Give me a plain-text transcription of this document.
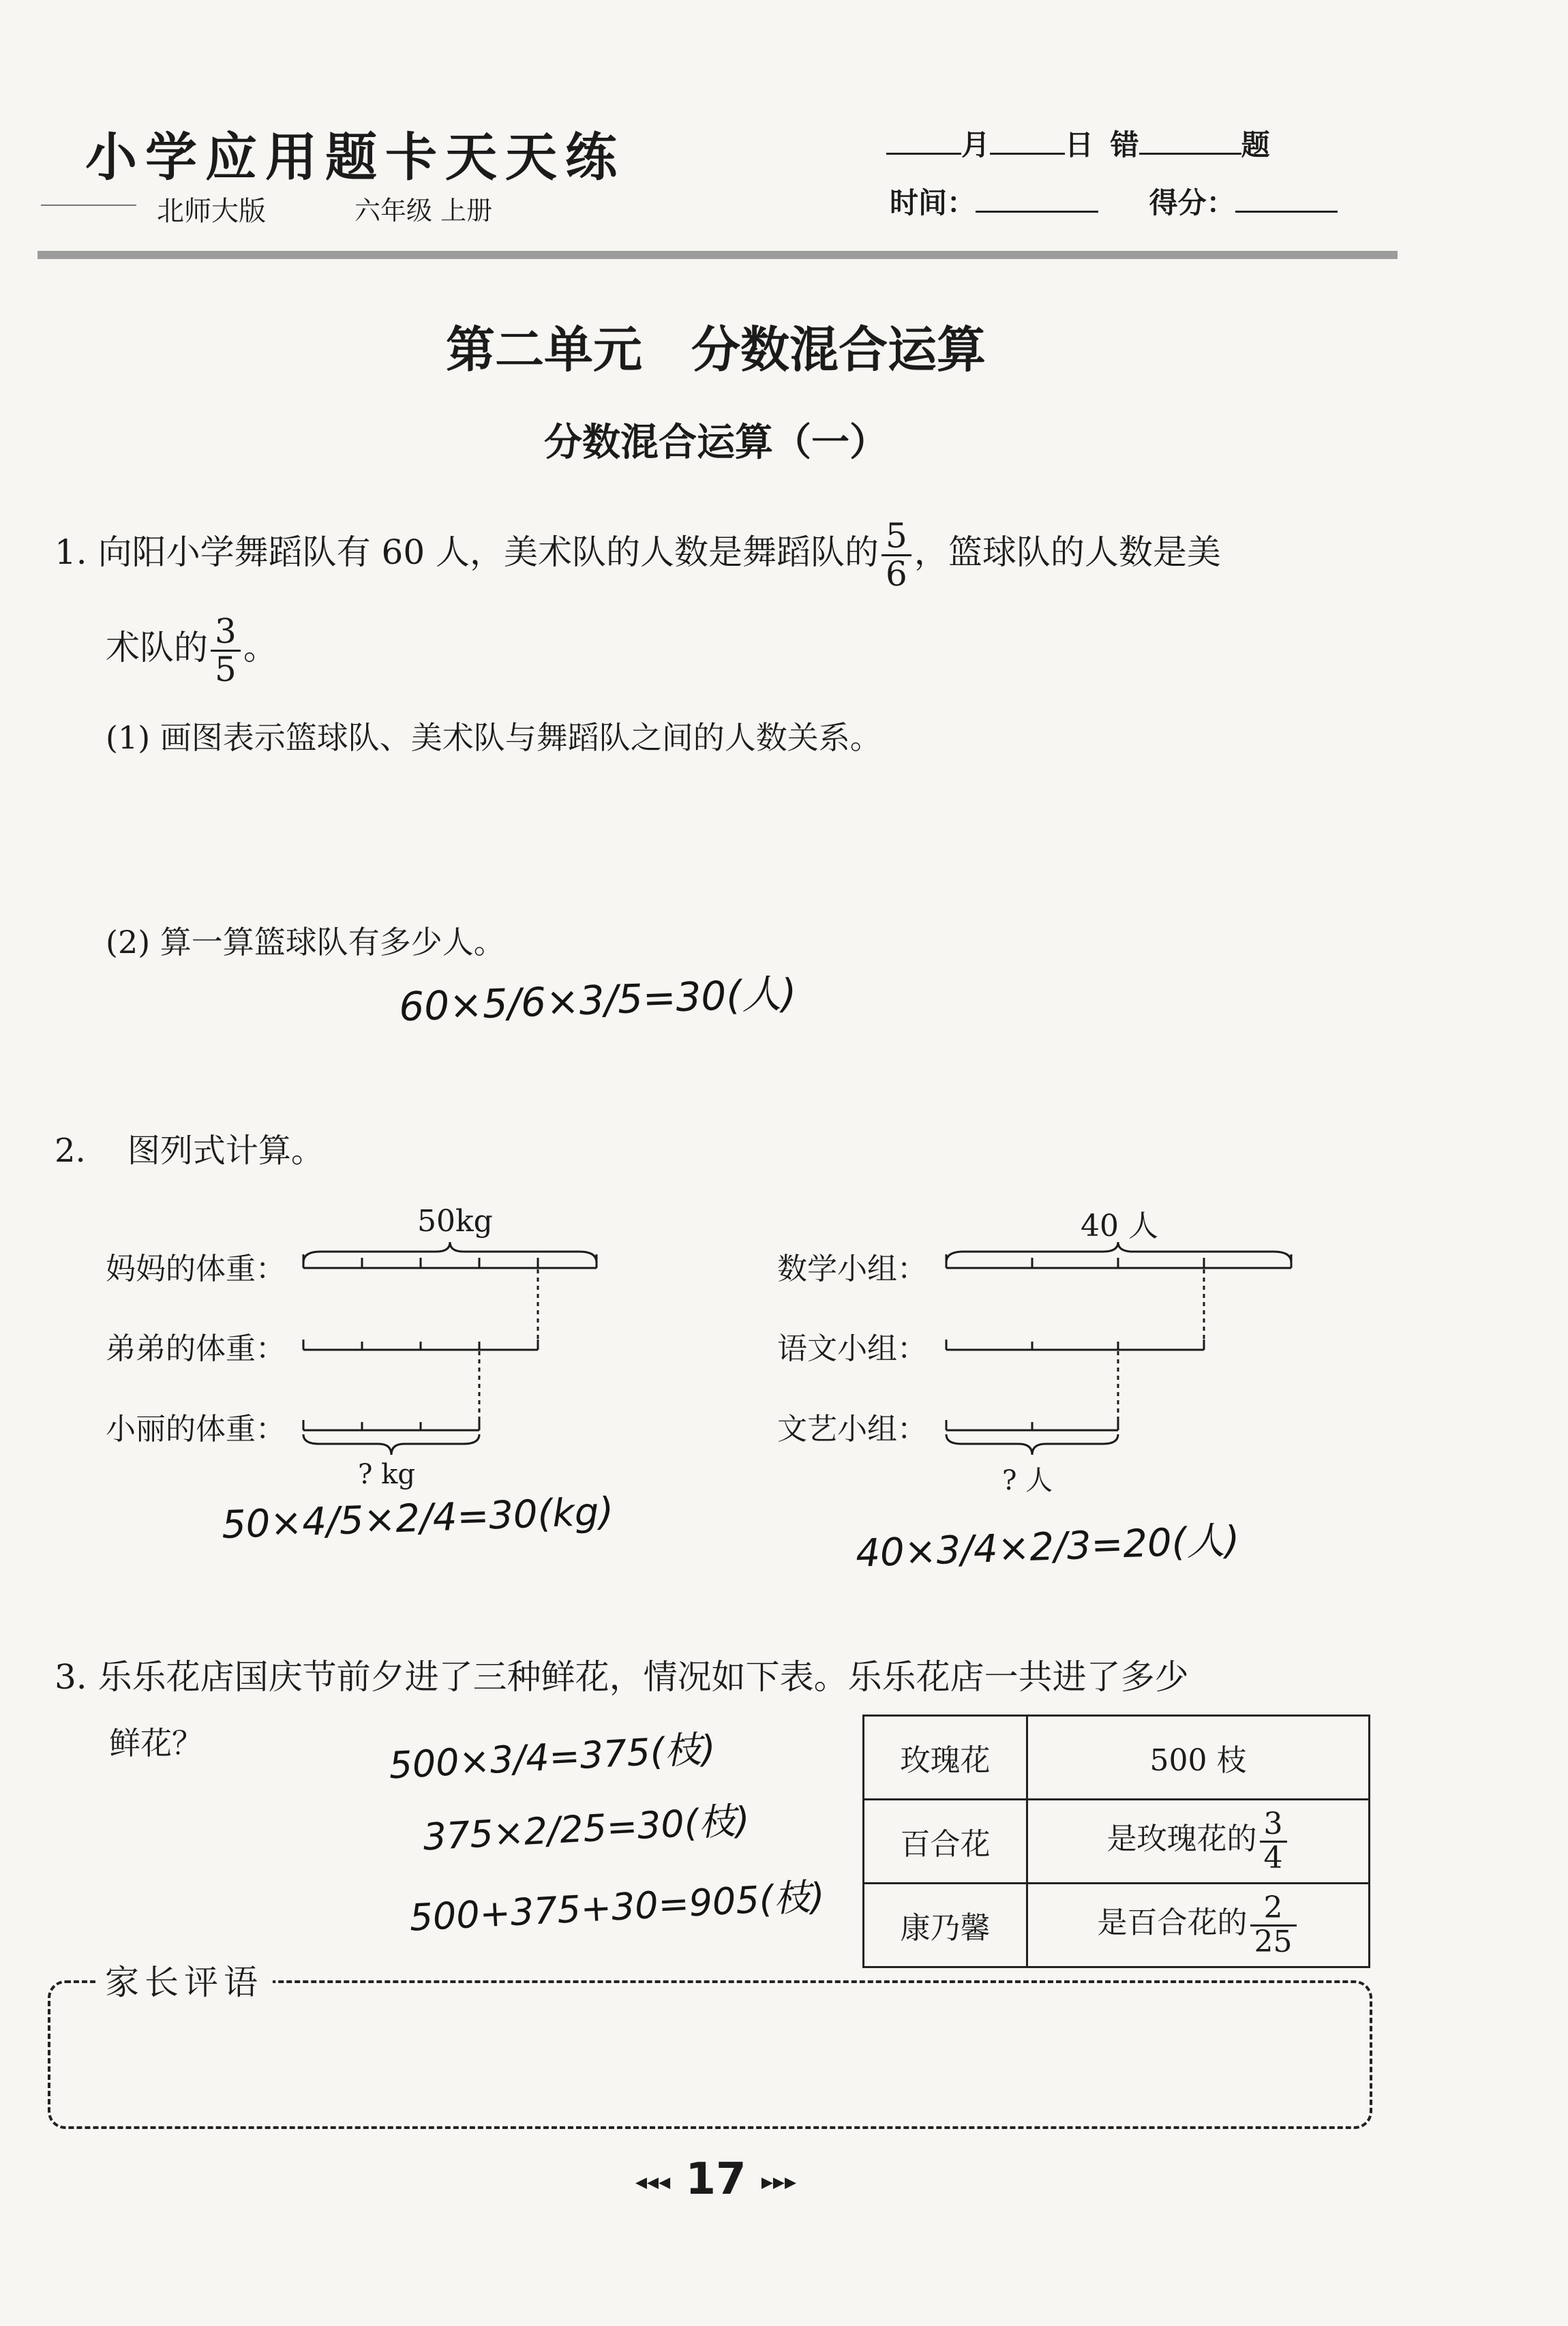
小学应用题卡天天练
北师大版	六年级 上册
月	日 错	题
时间：	得分：
第二单元　分数混合运算
分数混合运算（一）
1. 向阳小学舞蹈队有 60 人，美术队的人数是舞蹈队的 $\frac{5}{6}$ ，篮球队的人数是美
术队的 $\frac{3}{5}$ 。
(1) 画图表示篮球队、美术队与舞蹈队之间的人数关系。
(2) 算一算篮球队有多少人。
60×5/6×3/5=30(人)
2. 图列式计算。
妈妈的体重：
弟弟的体重：
小丽的体重：
50kg
? kg
50×4/5×2/4=30(kg)
数学小组：
语文小组：
文艺小组：
40 人
? 人
40×3/4×2/3=20(人)
3. 乐乐花店国庆节前夕进了三种鲜花，情况如下表。乐乐花店一共进了多少
鲜花？	500×3/4=375(枝)
375×2/25=30(枝)
500+375+30=905(枝)
玫瑰花	500 枝
百合花	是玫瑰花的 $\frac{3}{4}$

康乃馨	是百合花的 $\frac{2}{25}$
家长评语
◂◂◂ 17 ▸▸▸
